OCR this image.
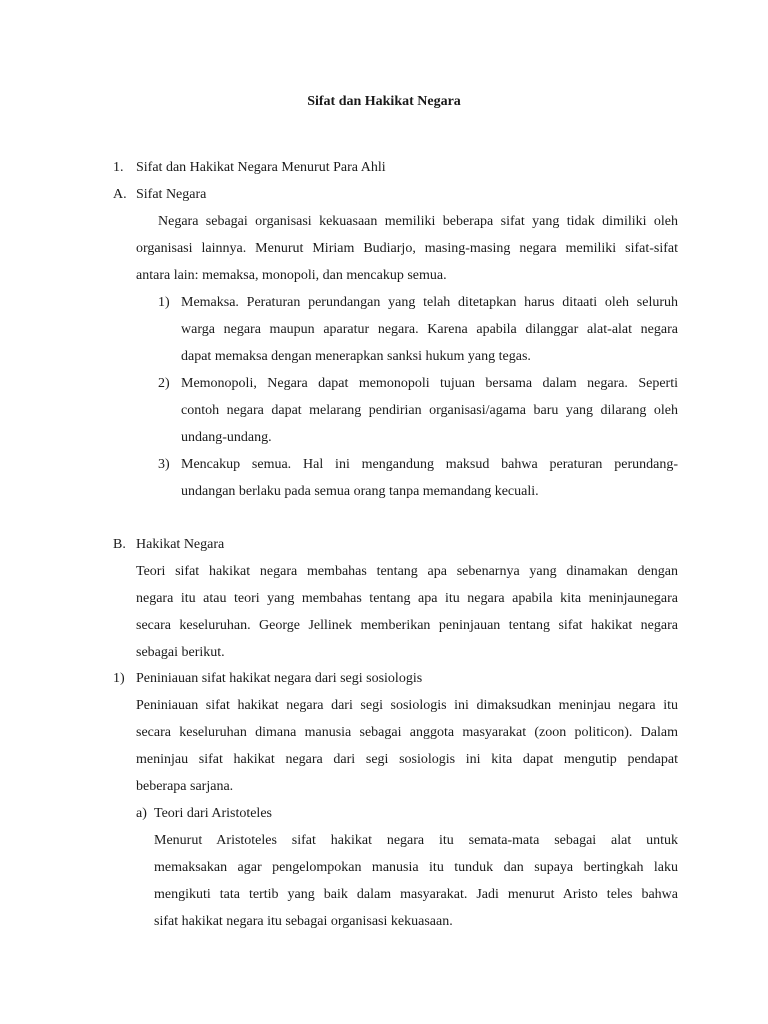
Sifat dan Hakikat Negara
1. Sifat dan Hakikat Negara Menurut Para Ahli
A. Sifat Negara
Negara sebagai organisasi kekuasaan memiliki beberapa sifat yang tidak dimiliki oleh
organisasi lainnya. Menurut Miriam Budiarjo, masing-masing negara memiliki sifat-sifat
antara lain: memaksa, monopoli, dan mencakup semua.
1) Memaksa. Peraturan perundangan yang telah ditetapkan harus ditaati oleh seluruh
warga negara maupun aparatur negara. Karena apabila dilanggar alat-alat negara
dapat memaksa dengan menerapkan sanksi hukum yang tegas.
2) Memonopoli, Negara dapat memonopoli tujuan bersama dalam negara. Seperti
contoh negara dapat melarang pendirian organisasi/agama baru yang dilarang oleh
undang-undang.
3) Mencakup semua. Hal ini mengandung maksud bahwa peraturan perundang-
undangan berlaku pada semua orang tanpa memandang kecuali.
B. Hakikat Negara
Teori sifat hakikat negara membahas tentang apa sebenarnya yang dinamakan dengan
negara itu atau teori yang membahas tentang apa itu negara apabila kita meninjaunegara
secara keseluruhan. George Jellinek memberikan peninjauan tentang sifat hakikat negara
sebagai berikut.
1) Peniniauan sifat hakikat negara dari segi sosiologis
Peniniauan sifat hakikat negara dari segi sosiologis ini dimaksudkan meninjau negara itu
secara keseluruhan dimana manusia sebagai anggota masyarakat (zoon politicon). Dalam
meninjau sifat hakikat negara dari segi sosiologis ini kita dapat mengutip pendapat
beberapa sarjana.
a) Teori dari Aristoteles
Menurut Aristoteles sifat hakikat negara itu semata-mata sebagai alat untuk
memaksakan agar pengelompokan manusia itu tunduk dan supaya bertingkah laku
mengikuti tata tertib yang baik dalam masyarakat. Jadi menurut Aristo teles bahwa
sifat hakikat negara itu sebagai organisasi kekuasaan.
